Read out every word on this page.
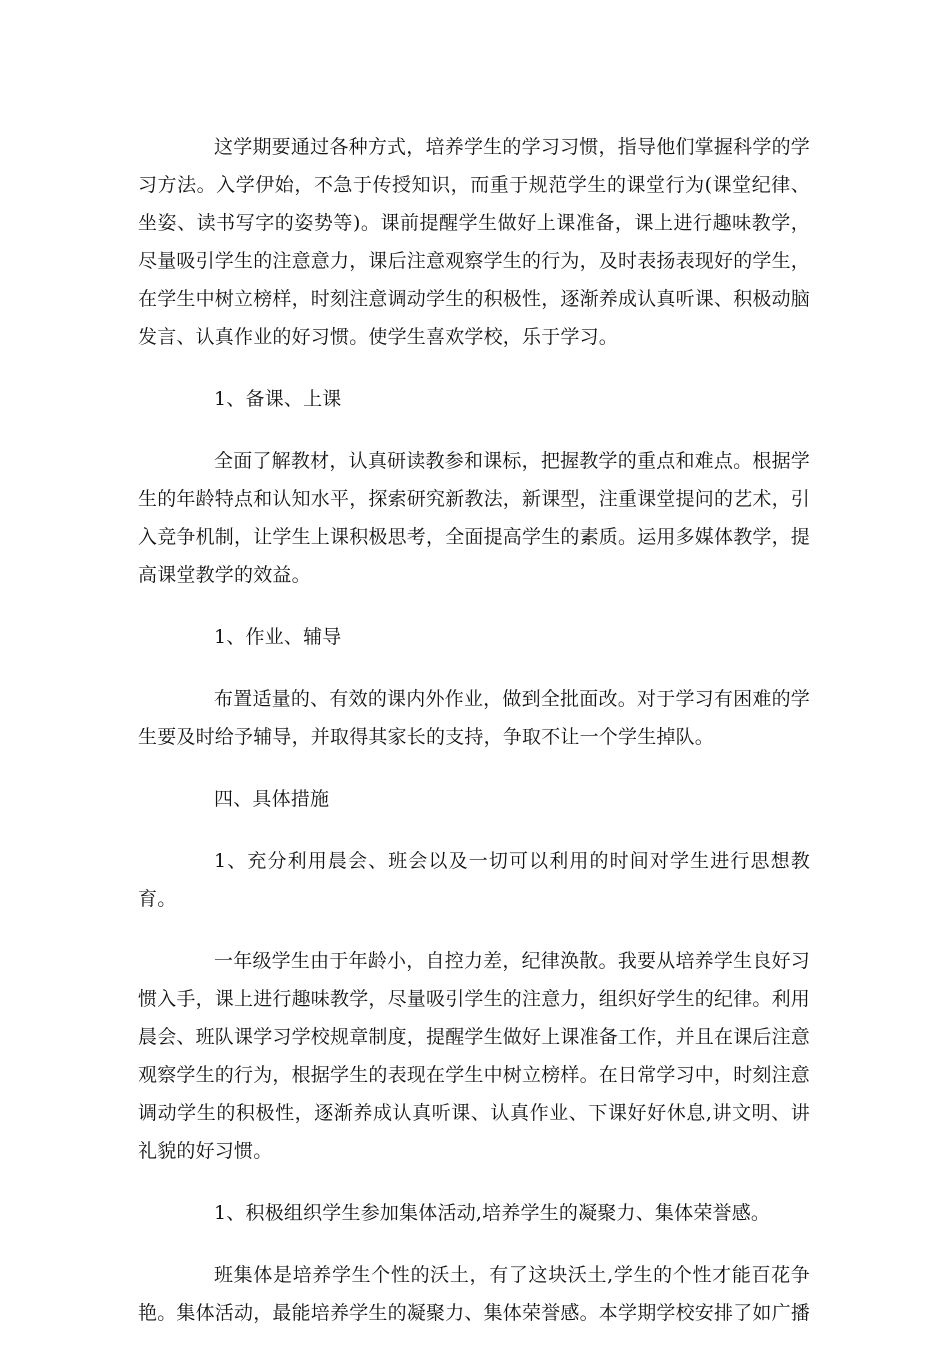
这学期要通过各种方式，培养学生的学习习惯，指导他们掌握科学的学习方法。入学伊始，不急于传授知识，而重于规范学生的课堂行为(课堂纪律、坐姿、读书写字的姿势等)。课前提醒学生做好上课准备，课上进行趣味教学，尽量吸引学生的注意意力，课后注意观察学生的行为，及时表扬表现好的学生，在学生中树立榜样，时刻注意调动学生的积极性，逐渐养成认真听课、积极动脑发言、认真作业的好习惯。使学生喜欢学校，乐于学习。

1、备课、上课

全面了解教材，认真研读教参和课标，把握教学的重点和难点。根据学生的年龄特点和认知水平，探索研究新教法，新课型，注重课堂提问的艺术，引入竞争机制，让学生上课积极思考，全面提高学生的素质。运用多媒体教学，提高课堂教学的效益。

1、作业、辅导

布置适量的、有效的课内外作业，做到全批面改。对于学习有困难的学生要及时给予辅导，并取得其家长的支持，争取不让一个学生掉队。

四、具体措施

1、充分利用晨会、班会以及一切可以利用的时间对学生进行思想教育。

一年级学生由于年龄小，自控力差，纪律涣散。我要从培养学生良好习惯入手，课上进行趣味教学，尽量吸引学生的注意力，组织好学生的纪律。利用晨会、班队课学习学校规章制度，提醒学生做好上课准备工作，并且在课后注意观察学生的行为，根据学生的表现在学生中树立榜样。在日常学习中，时刻注意调动学生的积极性，逐渐养成认真听课、认真作业、下课好好休息,讲文明、讲礼貌的好习惯。

1、积极组织学生参加集体活动,培养学生的凝聚力、集体荣誉感。

班集体是培养学生个性的沃土，有了这块沃土,学生的个性才能百花争艳。集体活动，最能培养学生的凝聚力、集体荣誉感。本学期学校安排了如广播
